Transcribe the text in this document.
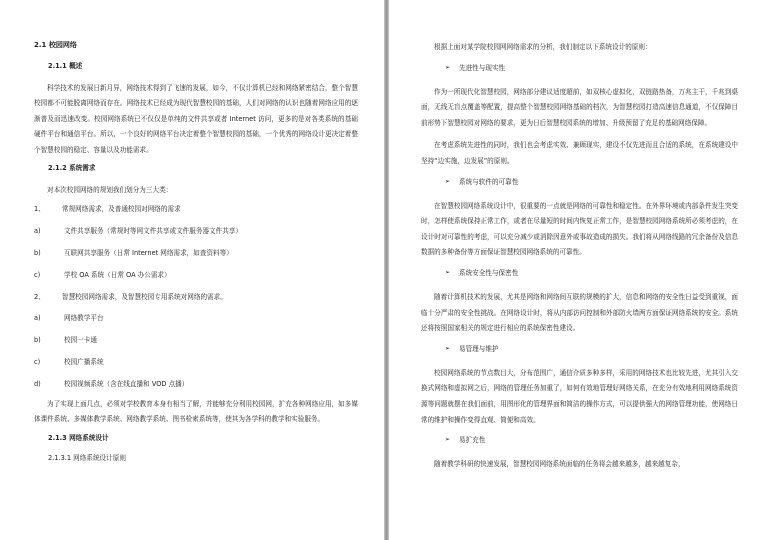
2.1 校园网络
2.1.1 概述

科学技术的发展日新月异，网络技术得到了飞速的发展，如今，不仅计算机已经和网络紧密结合，整个智慧校园都不可能脱离网络而存在。网络技术已经成为现代智慧校园的基础，人们对网络的认识也随着网络应用的逐渐普及而迅速改变。校园网络系统已不仅仅是单纯的文件共享或者 Internet 访问，更多的是对各类系统的基础硬件平台和通信平台。所以，一个良好的网络平台决定着整个智慧校园的基础，一个优秀的网络设计更决定着整个智慧校园的稳定、容量以及功能需求。

2.1.2 系统需求

对本次校园网络的规划我们划分为三大类：

1、	常规网络需求，及普通校园对网络的需求
a)	文件共享服务（常规时等网文件共享或文件服务器文件共享）
b)	互联网共享服务（日常 Internet 网络需求，如查资料等）
c)	学校 OA 系统（日常 OA 办公需求）
2、	智慧校园网络需求，及智慧校园专用系统对网络的需求。
a)	网络教学平台
b)	校园一卡通
c)	校园广播系统
d)	校园视频系统（含在线直播和 VOD 点播）

为了实现上面几点，必须对学校教育本身有相当了解，并能够充分利用校园网，扩充各种网络应用，如多媒体课件系统、多媒体教学系统、网络教学系统、图书检索系统等，使其为各学科的教学和实验服务。

2.1.3 网络系统设计
2.1.3.1 网络系统设计原则

根据上面对某学院校园网网络需求的分析，我们制定以下系统设计的原则：

➢	先进性与现实性

作为一所现代化智慧校园，网络部分建议适度超前，如双核心虚拟化，双链路热备，万兆主干，千兆到桌面，无线无盲点覆盖等配置，提高整个智慧校园网络基础的档次，为智慧校园打造高速信息通道，不仅保障目前形势下智慧校园对网络的要求，更为日后智慧校园系统的增加、升级预留了充足的基础网络保障。

在考虑系统先进性的同时，我们也会考虑实效、兼顾现实，建设不仅先进而且合适的系统，在系统建设中坚持“边实施，边发展”的原则。

➢	系统与软件的可靠性

在智慧校园网络系统设计中，很重要的一点就是网络的可靠性和稳定性。在外界环境或内部条件发生突变时，怎样使系统保持正常工作，或者在尽量短的时间内恢复正常工作，是智慧校园网络系统所必须考虑的，在设计时对可靠性的考虑，可以充分减少或消除因意外或事故造成的损失。我们将从网络线路的冗余备份及信息数据的多种备份等方面保证智慧校园网络系统的可靠性。

➢	系统安全性与保密性

随着计算机技术的发展，尤其是网络和网络间互联的规模的扩大，信息和网络的安全性日益受到重视，面临十分严肃的安全性挑战。在网络设计时，将从内部访问控制和外部防火墙两方面保证网络系统的安全。系统还将按照国家相关的规定进行相应的系统保密性建设。

➢	易管理与维护

校园网络系统的节点数目大，分布范围广，通信介质多种多样，采用的网络技术也比较先进，尤其引入交换式网络和虚拟网之后，网络的管理任务加重了，如何有效地管理好网络关系，在充分有效地利用网络系统资源等问题就摆在我们面前，用图形化的管理界面和简洁的操作方式，可以提供强大的网络管理功能，使网络日常的维护和操作变得直观、简便和高效。

➢	易扩充性

随着教学科研的快速发展，智慧校园网络系统面临的任务将会越来越多，越来越复杂，
